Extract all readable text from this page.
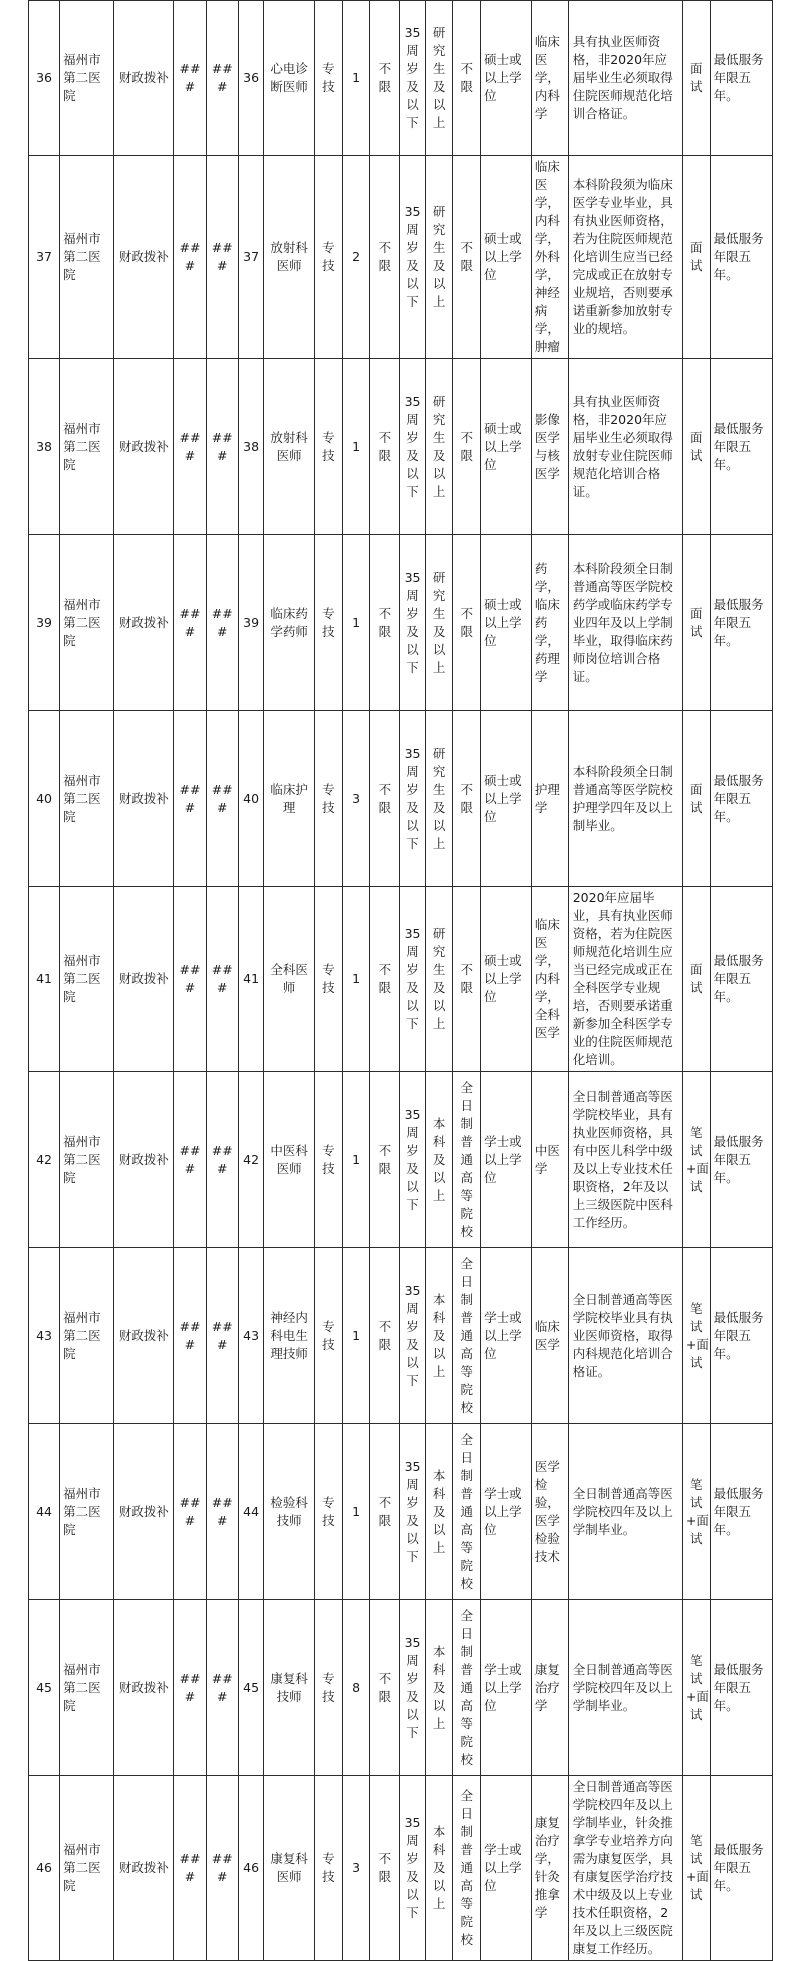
36	福州市第二医院	财政拨补	###	###	36	心电诊断医师	专技	1	不限	35周岁及以下	研究生及以上	不限	硕士或以上学位	临床医学，内科学	具有执业医师资格，非2020年应届毕业生必须取得住院医师规范化培训合格证。	面试	最低服务年限五年。
37	福州市第二医院	财政拨补	###	###	37	放射科医师	专技	2	不限	35周岁及以下	研究生及以上	不限	硕士或以上学位	临床医学，内科学，外科学，神经病学，肿瘤	本科阶段须为临床医学专业毕业，具有执业医师资格，若为住院医师规范化培训生应当已经完成或正在放射专业规培，否则要承诺重新参加放射专业的规培。	面试	最低服务年限五年。
38	福州市第二医院	财政拨补	###	###	38	放射科医师	专技	1	不限	35周岁及以下	研究生及以上	不限	硕士或以上学位	影像医学与核医学	具有执业医师资格，非2020年应届毕业生必须取得放射专业住院医师规范化培训合格证。	面试	最低服务年限五年。
39	福州市第二医院	财政拨补	###	###	39	临床药学药师	专技	1	不限	35周岁及以下	研究生及以上	不限	硕士或以上学位	药学，临床药学，药理学	本科阶段须全日制普通高等医学院校药学或临床药学专业四年及以上学制毕业，取得临床药师岗位培训合格证。	面试	最低服务年限五年。
40	福州市第二医院	财政拨补	###	###	40	临床护理	专技	3	不限	35周岁及以下	研究生及以上	不限	硕士或以上学位	护理学	本科阶段须全日制普通高等医学院校护理学四年及以上制毕业。	面试	最低服务年限五年。
41	福州市第二医院	财政拨补	###	###	41	全科医师	专技	1	不限	35周岁及以下	研究生及以上	不限	硕士或以上学位	临床医学，内科学，全科医学	2020年应届毕业，具有执业医师资格，若为住院医师规范化培训生应当已经完成或正在全科医学专业规培，否则要承诺重新参加全科医学专业的住院医师规范化培训。	面试	最低服务年限五年。
42	福州市第二医院	财政拨补	###	###	42	中医科医师	专技	1	不限	35周岁及以下	本科及以上	全日制普通高等院校	学士或以上学位	中医学	全日制普通高等医学院校毕业，具有执业医师资格，具有中医儿科学中级及以上专业技术任职资格，2年及以上三级医院中医科工作经历。	笔试+面试	最低服务年限五年。
43	福州市第二医院	财政拨补	###	###	43	神经内科电生理技师	专技	1	不限	35周岁及以下	本科及以上	全日制普通高等院校	学士或以上学位	临床医学	全日制普通高等医学院校毕业具有执业医师资格，取得内科规范化培训合格证。	笔试+面试	最低服务年限五年。
44	福州市第二医院	财政拨补	###	###	44	检验科技师	专技	1	不限	35周岁及以下	本科及以上	全日制普通高等院校	学士或以上学位	医学检验，医学检验技术	全日制普通高等医学院校四年及以上学制毕业。	笔试+面试	最低服务年限五年。
45	福州市第二医院	财政拨补	###	###	45	康复科技师	专技	8	不限	35周岁及以下	本科及以上	全日制普通高等院校	学士或以上学位	康复治疗学	全日制普通高等医学院校四年及以上学制毕业。	笔试+面试	最低服务年限五年。
46	福州市第二医院	财政拨补	###	###	46	康复科医师	专技	3	不限	35周岁及以下	本科及以上	全日制普通高等院校	学士或以上学位	康复治疗学，针灸推拿学	全日制普通高等医学院校四年及以上学制毕业，针灸推拿学专业培养方向需为康复医学，具有康复医学治疗技术中级及以上专业技术任职资格，2年及以上三级医院康复工作经历。	笔试+面试	最低服务年限五年。
